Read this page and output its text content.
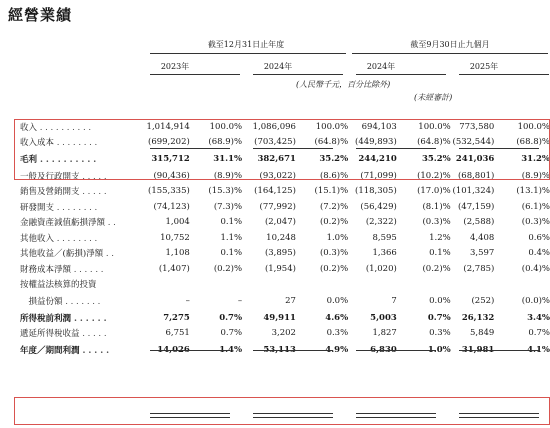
經營業績
截至12月31日止年度	截至9月30日止九個月
2023年	2024年	2024年	2025年
(人民幣千元，百分比除外)
(未經審計)
收入 . . . . . . . . . .	1,014,914	100.0%	1,086,096	100.0%	694,103	100.0%	773,580	100.0%
收入成本 . . . . . . . .	(699,202)	(68.9)%	(703,425)	(64.8)%	(449,893)	(64.8)%	(532,544)	(68.8)%
毛利 . . . . . . . . . .	315,712	31.1%	382,671	35.2%	244,210	35.2%	241,036	31.2%
一般及行政開支 . . . . .	(90,436)	(8.9)%	(93,022)	(8.6)%	(71,099)	(10.2)%	(68,801)	(8.9)%
銷售及營銷開支 . . . . .	(155,335)	(15.3)%	(164,125)	(15.1)%	(118,305)	(17.0)%	(101,324)	(13.1)%
研發開支 . . . . . . . .	(74,123)	(7.3)%	(77,992)	(7.2)%	(56,429)	(8.1)%	(47,159)	(6.1)%
金融資產減值虧損淨額 . .	1,004	0.1%	(2,047)	(0.2)%	(2,322)	(0.3)%	(2,588)	(0.3)%
其他收入 . . . . . . . .	10,752	1.1%	10,248	1.0%	8,595	1.2%	4,408	0.6%
其他收益／(虧損)淨額 . .	1,108	0.1%	(3,895)	(0.3)%	1,366	0.1%	3,597	0.4%
財務成本淨額 . . . . . .	(1,407)	(0.2)%	(1,954)	(0.2)%	(1,020)	(0.2)%	(2,785)	(0.4)%
按權益法核算的投資								
　損益份額 . . . . . . .	–	–	27	0.0%	7	0.0%	(252)	(0.0)%
所得稅前利潤 . . . . . .	7,275	0.7%	49,911	4.6%	5,003	0.7%	26,132	3.4%
遞延所得稅收益 . . . . .	6,751	0.7%	3,202	0.3%	1,827	0.3%	5,849	0.7%
年度／期間利潤 . . . . .	14,026	1.4%	53,113	4.9%	6,830	1.0%	31,981	4.1%
